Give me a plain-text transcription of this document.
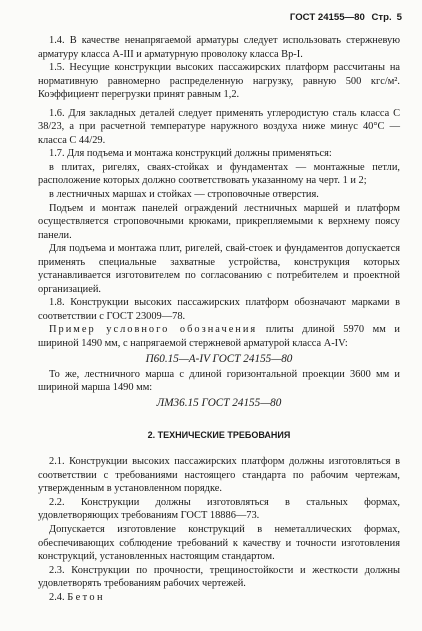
ГОСТ 24155—80 Стр. 5

1.4. В качестве ненапрягаемой арматуры следует использовать стержневую арматуру класса А-III и арматурную проволоку класса Вр-I.

1.5. Несущие конструкции высоких пассажирских платформ рассчитаны на нормативную равномерно распределенную нагрузку, равную 500 кгс/м². Коэффициент перегрузки принят равным 1,2.

1.6. Для закладных деталей следует применять углеродистую сталь класса С 38/23, а при расчетной температуре наружного воздуха ниже минус 40°С — класса С 44/29.

1.7. Для подъема и монтажа конструкций должны применяться:

в плитах, ригелях, сваях-стойках и фундаментах — монтажные петли, расположение которых должно соответствовать указанному на черт. 1 и 2;

в лестничных маршах и стойках — строповочные отверстия.

Подъем и монтаж панелей ограждений лестничных маршей и платформ осуществляется строповочными крюками, прикрепляемыми к верхнему поясу панели.

Для подъема и монтажа плит, ригелей, свай-стоек и фундаментов допускается применять специальные захватные устройства, конструкция которых устанавливается изготовителем по согласованию с потребителем и проектной организацией.

1.8. Конструкции высоких пассажирских платформ обозначают марками в соответствии с ГОСТ 23009—78.

Пример условного обозначения плиты длиной 5970 мм и шириной 1490 мм, с напрягаемой стержневой арматурой класса А-IV:

П60.15—A-IV ГОСТ 24155—80

То же, лестничного марша с длиной горизонтальной проекции 3600 мм и шириной марша 1490 мм:

ЛМ36.15 ГОСТ 24155—80

2. ТЕХНИЧЕСКИЕ ТРЕБОВАНИЯ

2.1. Конструкции высоких пассажирских платформ должны изготовляться в соответствии с требованиями настоящего стандарта по рабочим чертежам, утвержденным в установленном порядке.

2.2. Конструкции должны изготовляться в стальных формах, удовлетворяющих требованиям ГОСТ 18886—73.

Допускается изготовление конструкций в неметаллических формах, обеспечивающих соблюдение требований к качеству и точности изготовления конструкций, установленных настоящим стандартом.

2.3. Конструкции по прочности, трещиностойкости и жесткости должны удовлетворять требованиям рабочих чертежей.

2.4. Бетон
